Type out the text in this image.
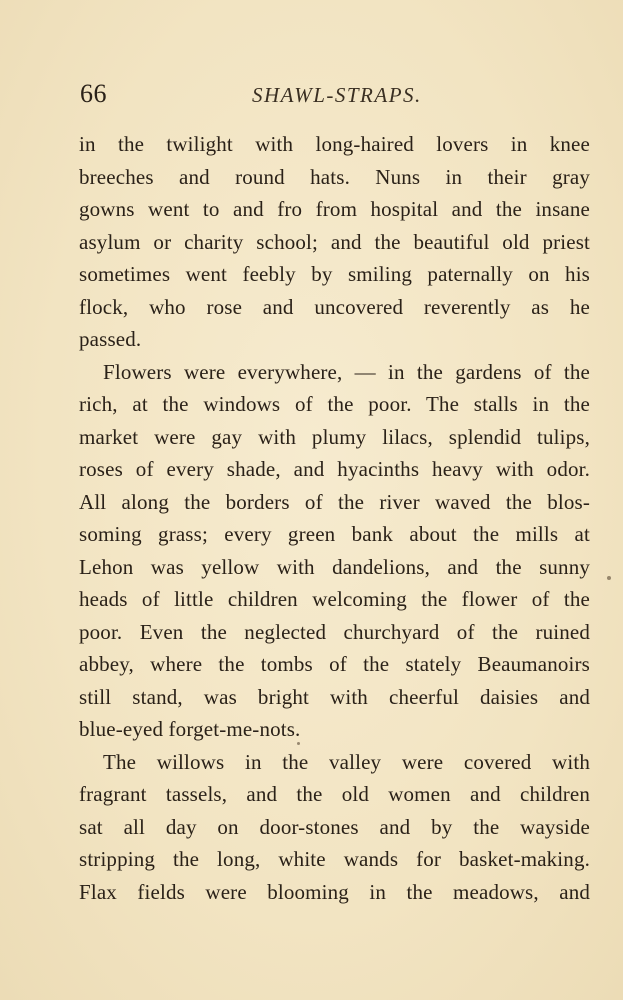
66	SHAWL-STRAPS.
in the twilight with long-haired lovers in knee
breeches and round hats. Nuns in their gray
gowns went to and fro from hospital and the insane
asylum or charity school; and the beautiful old priest
sometimes went feebly by smiling paternally on his
flock, who rose and uncovered reverently as he
passed.
Flowers were everywhere, — in the gardens of the
rich, at the windows of the poor. The stalls in the
market were gay with plumy lilacs, splendid tulips,
roses of every shade, and hyacinths heavy with odor.
All along the borders of the river waved the blos-
soming grass; every green bank about the mills at
Lehon was yellow with dandelions, and the sunny
heads of little children welcoming the flower of the
poor. Even the neglected churchyard of the ruined
abbey, where the tombs of the stately Beaumanoirs
still stand, was bright with cheerful daisies and
blue-eyed forget-me-nots.
The willows in the valley were covered with
fragrant tassels, and the old women and children
sat all day on door-stones and by the wayside
stripping the long, white wands for basket-making.
Flax fields were blooming in the meadows, and
